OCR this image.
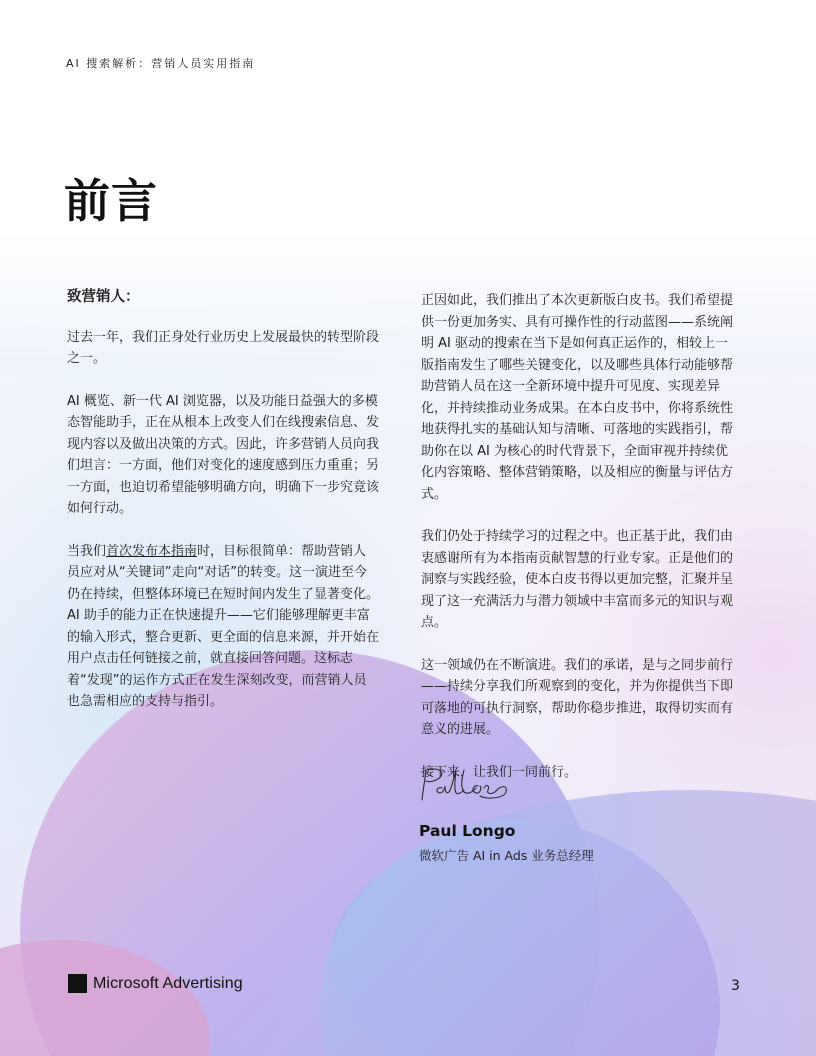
AI 搜索解析：营销人员实用指南
前言

致营销人：

过去一年，我们正身处行业历史上发展最快的转型阶段之一。

AI 概览、新一代 AI 浏览器，以及功能日益强大的多模态智能助手，正在从根本上改变人们在线搜索信息、发现内容以及做出决策的方式。因此，许多营销人员向我们坦言：一方面，他们对变化的速度感到压力重重；另一方面，也迫切希望能够明确方向，明确下一步究竟该如何行动。

当我们首次发布本指南时，目标很简单：帮助营销人员应对从“关键词”走向“对话”的转变。这一演进至今仍在持续，但整体环境已在短时间内发生了显著变化。AI 助手的能力正在快速提升——它们能够理解更丰富的输入形式，整合更新、更全面的信息来源，并开始在用户点击任何链接之前，就直接回答问题。这标志着“发现”的运作方式正在发生深刻改变，而营销人员也急需相应的支持与指引。

正因如此，我们推出了本次更新版白皮书。我们希望提供一份更加务实、具有可操作性的行动蓝图——系统阐明 AI 驱动的搜索在当下是如何真正运作的，相较上一版指南发生了哪些关键变化，以及哪些具体行动能够帮助营销人员在这一全新环境中提升可见度、实现差异化，并持续推动业务成果。在本白皮书中，你将系统性地获得扎实的基础认知与清晰、可落地的实践指引，帮助你在以 AI 为核心的时代背景下，全面审视并持续优化内容策略、整体营销策略，以及相应的衡量与评估方式。

我们仍处于持续学习的过程之中。也正基于此，我们由衷感谢所有为本指南贡献智慧的行业专家。正是他们的洞察与实践经验，使本白皮书得以更加完整，汇聚并呈现了这一充满活力与潜力领域中丰富而多元的知识与观点。

这一领域仍在不断演进。我们的承诺，是与之同步前行——持续分享我们所观察到的变化，并为你提供当下即可落地的可执行洞察，帮助你稳步推进，取得切实而有意义的进展。

接下来，让我们一同前行。

Paul Longo
微软广告 AI in Ads 业务总经理
Microsoft Advertising	3
